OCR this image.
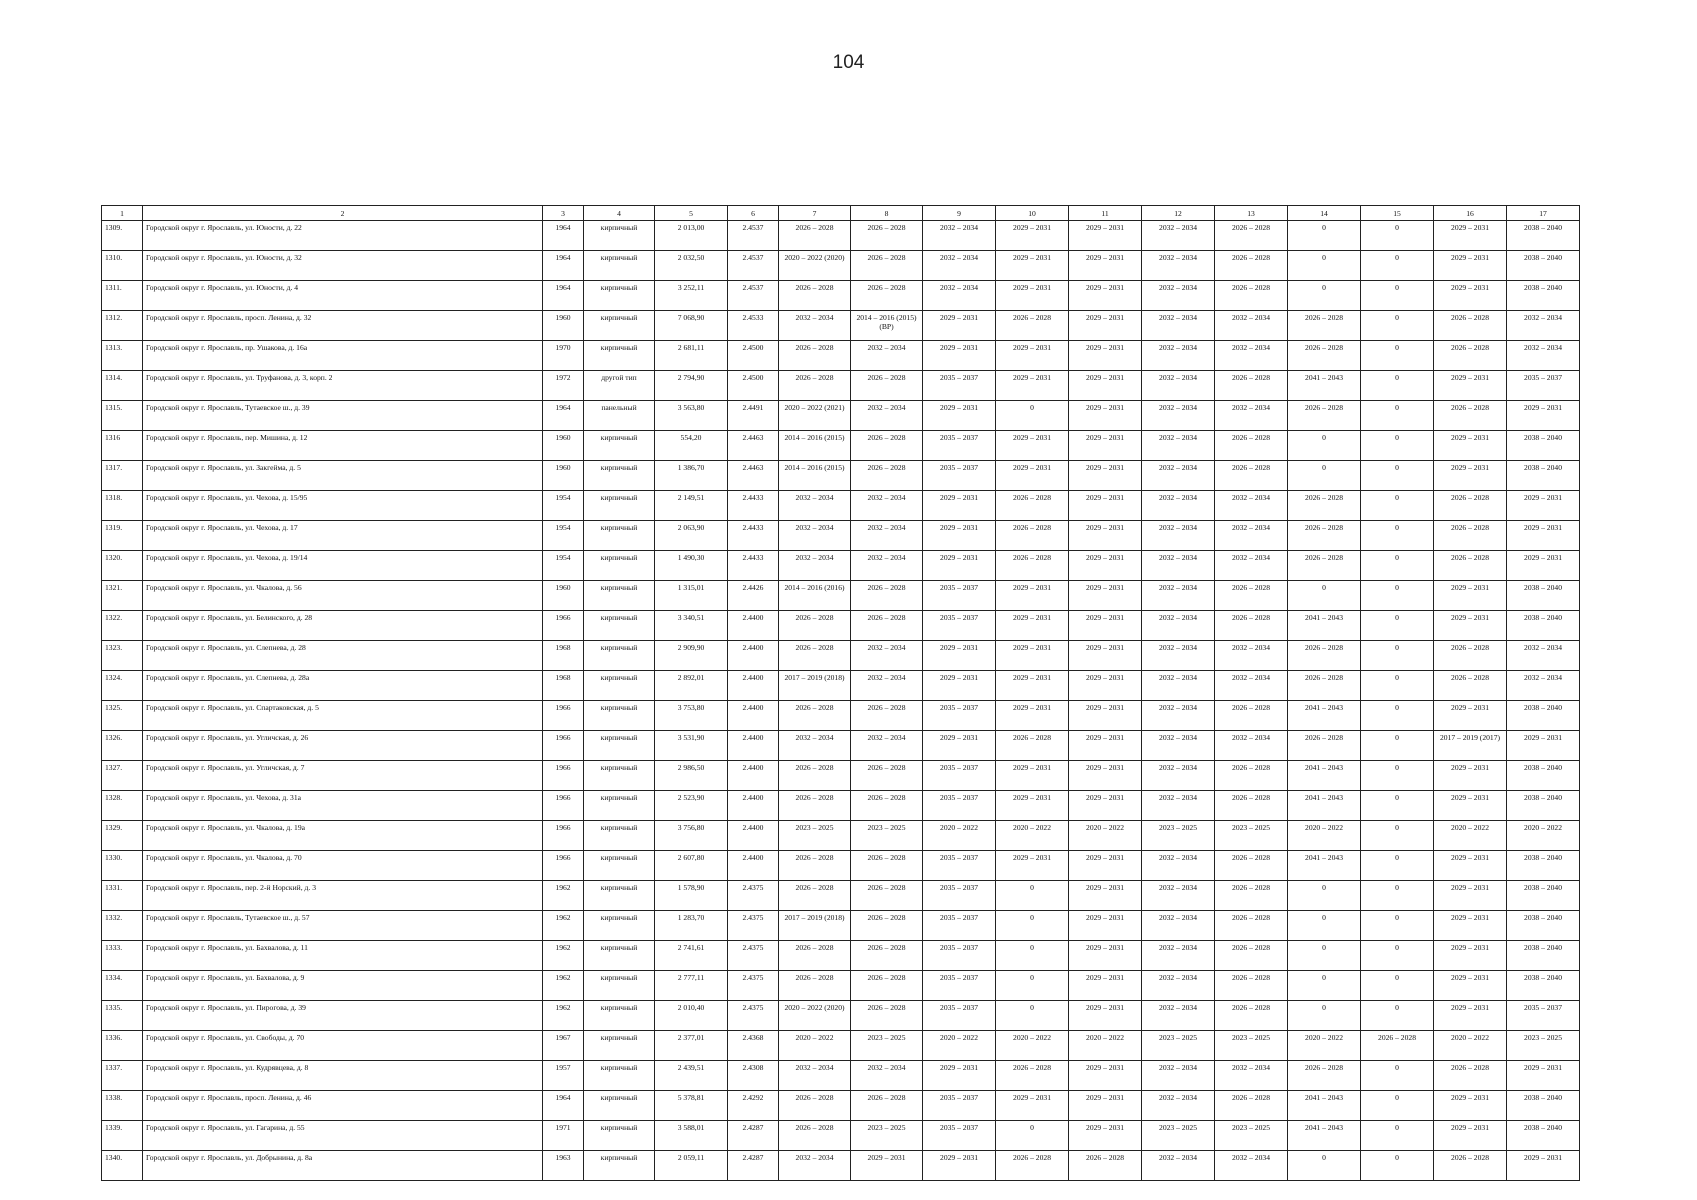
104
1	2	3	4	5	6	7	8	9	10	11	12	13	14	15	16	17
1309.	Городской округ г. Ярославль, ул. Юности, д. 22	1964	кирпичный	2 013,00	2.4537	2026 – 2028	2026 – 2028	2032 – 2034	2029 – 2031	2029 – 2031	2032 – 2034	2026 – 2028	0	0	2029 – 2031	2038 – 2040
1310.	Городской округ г. Ярославль, ул. Юности, д. 32	1964	кирпичный	2 032,50	2.4537	2020 – 2022 (2020)	2026 – 2028	2032 – 2034	2029 – 2031	2029 – 2031	2032 – 2034	2026 – 2028	0	0	2029 – 2031	2038 – 2040
1311.	Городской округ г. Ярославль, ул. Юности, д. 4	1964	кирпичный	3 252,11	2.4537	2026 – 2028	2026 – 2028	2032 – 2034	2029 – 2031	2029 – 2031	2032 – 2034	2026 – 2028	0	0	2029 – 2031	2038 – 2040
1312.	Городской округ г. Ярославль, просп. Ленина, д. 32	1960	кирпичный	7 068,90	2.4533	2032 – 2034	2014 – 2016 (2015) (ВР)	2029 – 2031	2026 – 2028	2029 – 2031	2032 – 2034	2032 – 2034	2026 – 2028	0	2026 – 2028	2032 – 2034
1313.	Городской округ г. Ярославль, пр. Ушакова, д. 16а	1970	кирпичный	2 681,11	2.4500	2026 – 2028	2032 – 2034	2029 – 2031	2029 – 2031	2029 – 2031	2032 – 2034	2032 – 2034	2026 – 2028	0	2026 – 2028	2032 – 2034
1314.	Городской округ г. Ярославль, ул. Труфанова, д. 3, корп. 2	1972	другой тип	2 794,90	2.4500	2026 – 2028	2026 – 2028	2035 – 2037	2029 – 2031	2029 – 2031	2032 – 2034	2026 – 2028	2041 – 2043	0	2029 – 2031	2035 – 2037
1315.	Городской округ г. Ярославль, Тутаевское ш., д. 39	1964	панельный	3 563,80	2.4491	2020 – 2022 (2021)	2032 – 2034	2029 – 2031	0	2029 – 2031	2032 – 2034	2032 – 2034	2026 – 2028	0	2026 – 2028	2029 – 2031
1316	Городской округ г. Ярославль, пер. Мишина, д. 12	1960	кирпичный	554,20	2.4463	2014 – 2016 (2015)	2026 – 2028	2035 – 2037	2029 – 2031	2029 – 2031	2032 – 2034	2026 – 2028	0	0	2029 – 2031	2038 – 2040
1317.	Городской округ г. Ярославль, ул. Закгейма, д. 5	1960	кирпичный	1 386,70	2.4463	2014 – 2016 (2015)	2026 – 2028	2035 – 2037	2029 – 2031	2029 – 2031	2032 – 2034	2026 – 2028	0	0	2029 – 2031	2038 – 2040
1318.	Городской округ г. Ярославль, ул. Чехова, д. 15/95	1954	кирпичный	2 149,51	2.4433	2032 – 2034	2032 – 2034	2029 – 2031	2026 – 2028	2029 – 2031	2032 – 2034	2032 – 2034	2026 – 2028	0	2026 – 2028	2029 – 2031
1319.	Городской округ г. Ярославль, ул. Чехова, д. 17	1954	кирпичный	2 063,90	2.4433	2032 – 2034	2032 – 2034	2029 – 2031	2026 – 2028	2029 – 2031	2032 – 2034	2032 – 2034	2026 – 2028	0	2026 – 2028	2029 – 2031
1320.	Городской округ г. Ярославль, ул. Чехова, д. 19/14	1954	кирпичный	1 490,30	2.4433	2032 – 2034	2032 – 2034	2029 – 2031	2026 – 2028	2029 – 2031	2032 – 2034	2032 – 2034	2026 – 2028	0	2026 – 2028	2029 – 2031
1321.	Городской округ г. Ярославль, ул. Чкалова, д. 56	1960	кирпичный	1 315,01	2.4426	2014 – 2016 (2016)	2026 – 2028	2035 – 2037	2029 – 2031	2029 – 2031	2032 – 2034	2026 – 2028	0	0	2029 – 2031	2038 – 2040
1322.	Городской округ г. Ярославль, ул. Белинского, д. 28	1966	кирпичный	3 340,51	2.4400	2026 – 2028	2026 – 2028	2035 – 2037	2029 – 2031	2029 – 2031	2032 – 2034	2026 – 2028	2041 – 2043	0	2029 – 2031	2038 – 2040
1323.	Городской округ г. Ярославль, ул. Слепнева, д. 28	1968	кирпичный	2 909,90	2.4400	2026 – 2028	2032 – 2034	2029 – 2031	2029 – 2031	2029 – 2031	2032 – 2034	2032 – 2034	2026 – 2028	0	2026 – 2028	2032 – 2034
1324.	Городской округ г. Ярославль, ул. Слепнева, д. 28а	1968	кирпичный	2 892,01	2.4400	2017 – 2019 (2018)	2032 – 2034	2029 – 2031	2029 – 2031	2029 – 2031	2032 – 2034	2032 – 2034	2026 – 2028	0	2026 – 2028	2032 – 2034
1325.	Городской округ г. Ярославль, ул. Спартаковская, д. 5	1966	кирпичный	3 753,80	2.4400	2026 – 2028	2026 – 2028	2035 – 2037	2029 – 2031	2029 – 2031	2032 – 2034	2026 – 2028	2041 – 2043	0	2029 – 2031	2038 – 2040
1326.	Городской округ г. Ярославль, ул. Угличская, д. 26	1966	кирпичный	3 531,90	2.4400	2032 – 2034	2032 – 2034	2029 – 2031	2026 – 2028	2029 – 2031	2032 – 2034	2032 – 2034	2026 – 2028	0	2017 – 2019 (2017)	2029 – 2031
1327.	Городской округ г. Ярославль, ул. Угличская, д. 7	1966	кирпичный	2 986,50	2.4400	2026 – 2028	2026 – 2028	2035 – 2037	2029 – 2031	2029 – 2031	2032 – 2034	2026 – 2028	2041 – 2043	0	2029 – 2031	2038 – 2040
1328.	Городской округ г. Ярославль, ул. Чехова, д. 31а	1966	кирпичный	2 523,90	2.4400	2026 – 2028	2026 – 2028	2035 – 2037	2029 – 2031	2029 – 2031	2032 – 2034	2026 – 2028	2041 – 2043	0	2029 – 2031	2038 – 2040
1329.	Городской округ г. Ярославль, ул. Чкалова, д. 19а	1966	кирпичный	3 756,80	2.4400	2023 – 2025	2023 – 2025	2020 – 2022	2020 – 2022	2020 – 2022	2023 – 2025	2023 – 2025	2020 – 2022	0	2020 – 2022	2020 – 2022
1330.	Городской округ г. Ярославль, ул. Чкалова, д. 70	1966	кирпичный	2 607,80	2.4400	2026 – 2028	2026 – 2028	2035 – 2037	2029 – 2031	2029 – 2031	2032 – 2034	2026 – 2028	2041 – 2043	0	2029 – 2031	2038 – 2040
1331.	Городской округ г. Ярославль, пер. 2-й Норский, д. 3	1962	кирпичный	1 578,90	2.4375	2026 – 2028	2026 – 2028	2035 – 2037	0	2029 – 2031	2032 – 2034	2026 – 2028	0	0	2029 – 2031	2038 – 2040
1332.	Городской округ г. Ярославль, Тутаевское ш., д. 57	1962	кирпичный	1 283,70	2.4375	2017 – 2019 (2018)	2026 – 2028	2035 – 2037	0	2029 – 2031	2032 – 2034	2026 – 2028	0	0	2029 – 2031	2038 – 2040
1333.	Городской округ г. Ярославль, ул. Бахвалова, д. 11	1962	кирпичный	2 741,61	2.4375	2026 – 2028	2026 – 2028	2035 – 2037	0	2029 – 2031	2032 – 2034	2026 – 2028	0	0	2029 – 2031	2038 – 2040
1334.	Городской округ г. Ярославль, ул. Бахвалова, д. 9	1962	кирпичный	2 777,11	2.4375	2026 – 2028	2026 – 2028	2035 – 2037	0	2029 – 2031	2032 – 2034	2026 – 2028	0	0	2029 – 2031	2038 – 2040
1335.	Городской округ г. Ярославль, ул. Пирогова, д. 39	1962	кирпичный	2 010,40	2.4375	2020 – 2022 (2020)	2026 – 2028	2035 – 2037	0	2029 – 2031	2032 – 2034	2026 – 2028	0	0	2029 – 2031	2035 – 2037
1336.	Городской округ г. Ярославль, ул. Свободы, д. 70	1967	кирпичный	2 377,01	2.4368	2020 – 2022	2023 – 2025	2020 – 2022	2020 – 2022	2020 – 2022	2023 – 2025	2023 – 2025	2020 – 2022	2026 – 2028	2020 – 2022	2023 – 2025
1337.	Городской округ г. Ярославль, ул. Кудрявцева, д. 8	1957	кирпичный	2 439,51	2.4308	2032 – 2034	2032 – 2034	2029 – 2031	2026 – 2028	2029 – 2031	2032 – 2034	2032 – 2034	2026 – 2028	0	2026 – 2028	2029 – 2031
1338.	Городской округ г. Ярославль, просп. Ленина, д. 46	1964	кирпичный	5 378,81	2.4292	2026 – 2028	2026 – 2028	2035 – 2037	2029 – 2031	2029 – 2031	2032 – 2034	2026 – 2028	2041 – 2043	0	2029 – 2031	2038 – 2040
1339.	Городской округ г. Ярославль, ул. Гагарина, д. 55	1971	кирпичный	3 588,01	2.4287	2026 – 2028	2023 – 2025	2035 – 2037	0	2029 – 2031	2023 – 2025	2023 – 2025	2041 – 2043	0	2029 – 2031	2038 – 2040
1340.	Городской округ г. Ярославль, ул. Добрынина, д. 8а	1963	кирпичный	2 059,11	2.4287	2032 – 2034	2029 – 2031	2029 – 2031	2026 – 2028	2026 – 2028	2032 – 2034	2032 – 2034	0	0	2026 – 2028	2029 – 2031
